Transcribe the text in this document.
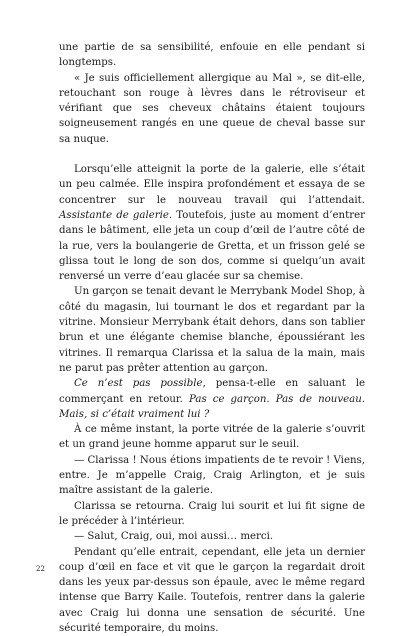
une partie de sa sensibilité, enfouie en elle pendant si longtemps.

« Je suis officiellement allergique au Mal », se dit-elle, retouchant son rouge à lèvres dans le rétroviseur et vérifiant que ses cheveux châtains étaient toujours soigneusement rangés en une queue de cheval basse sur sa nuque.

Lorsqu’elle atteignit la porte de la galerie, elle s’était un peu calmée. Elle inspira profondément et essaya de se concentrer sur le nouveau travail qui l’attendait. Assistante de galerie. Toutefois, juste au moment d’entrer dans le bâtiment, elle jeta un coup d’œil de l’autre côté de la rue, vers la boulangerie de Gretta, et un frisson gelé se glissa tout le long de son dos, comme si quelqu’un avait renversé un verre d’eau glacée sur sa chemise.

Un garçon se tenait devant le Merrybank Model Shop, à côté du magasin, lui tournant le dos et regardant par la vitrine. Monsieur Merrybank était dehors, dans son tablier brun et une élégante chemise blanche, époussiérant les vitrines. Il remarqua Clarissa et la salua de la main, mais ne parut pas prêter attention au garçon.

Ce n’est pas possible, pensa-t-elle en saluant le commerçant en retour. Pas ce garçon. Pas de nouveau. Mais, si c’était vraiment lui ?

À ce même instant, la porte vitrée de la galerie s’ouvrit et un grand jeune homme apparut sur le seuil.

— Clarissa ! Nous étions impatients de te revoir ! Viens, entre. Je m’appelle Craig, Craig Arlington, et je suis maître assistant de la galerie.

Clarissa se retourna. Craig lui sourit et lui fit signe de le précéder à l’intérieur.

— Salut, Craig, oui, moi aussi… merci.

Pendant qu’elle entrait, cependant, elle jeta un dernier coup d’œil en face et vit que le garçon la regardait droit dans les yeux par-dessus son épaule, avec le même regard intense que Barry Kaile. Toutefois, rentrer dans la galerie avec Craig lui donna une sensation de sécurité. Une sécurité temporaire, du moins.

22
